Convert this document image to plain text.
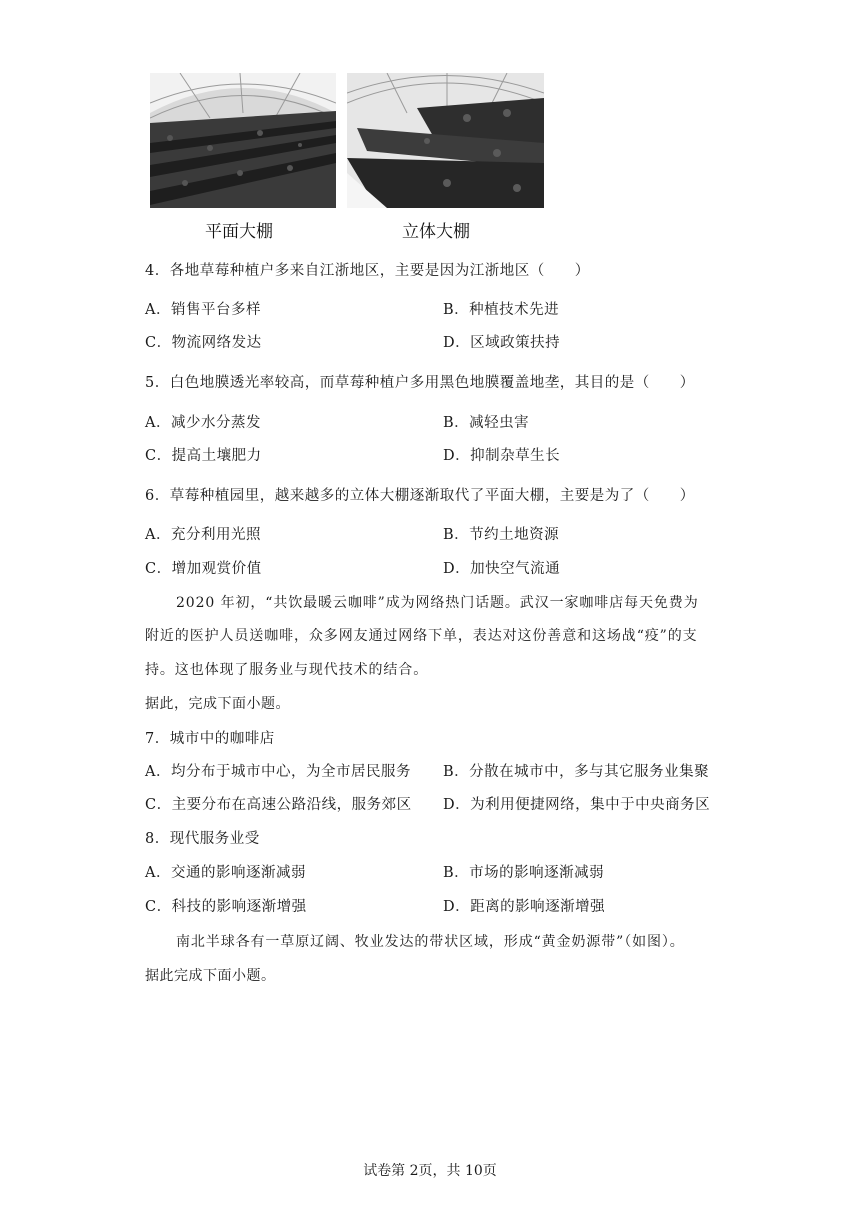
平面大棚	立体大棚
4．各地草莓种植户多来自江浙地区，主要是因为江浙地区（　　）
A．销售平台多样	B．种植技术先进
C．物流网络发达	D．区域政策扶持
5．白色地膜透光率较高，而草莓种植户多用黑色地膜覆盖地垄，其目的是（　　）
A．减少水分蒸发	B．减轻虫害
C．提高土壤肥力	D．抑制杂草生长
6．草莓种植园里，越来越多的立体大棚逐渐取代了平面大棚，主要是为了（　　）
A．充分利用光照	B．节约土地资源
C．增加观赏价值	D．加快空气流通
2020 年初，“共饮最暖云咖啡”成为网络热门话题。武汉一家咖啡店每天免费为
附近的医护人员送咖啡，众多网友通过网络下单，表达对这份善意和这场战“疫”的支
持。这也体现了服务业与现代技术的结合。
据此，完成下面小题。
7．城市中的咖啡店
A．均分布于城市中心，为全市居民服务 B．分散在城市中，多与其它服务业集聚
C．主要分布在高速公路沿线，服务郊区 D．为利用便捷网络，集中于中央商务区
8．现代服务业受
A．交通的影响逐渐减弱	B．市场的影响逐渐减弱
C．科技的影响逐渐增强	D．距离的影响逐渐增强
南北半球各有一草原辽阔、牧业发达的带状区域，形成“黄金奶源带”（如图）。
据此完成下面小题。
试卷第 2页，共 10页
